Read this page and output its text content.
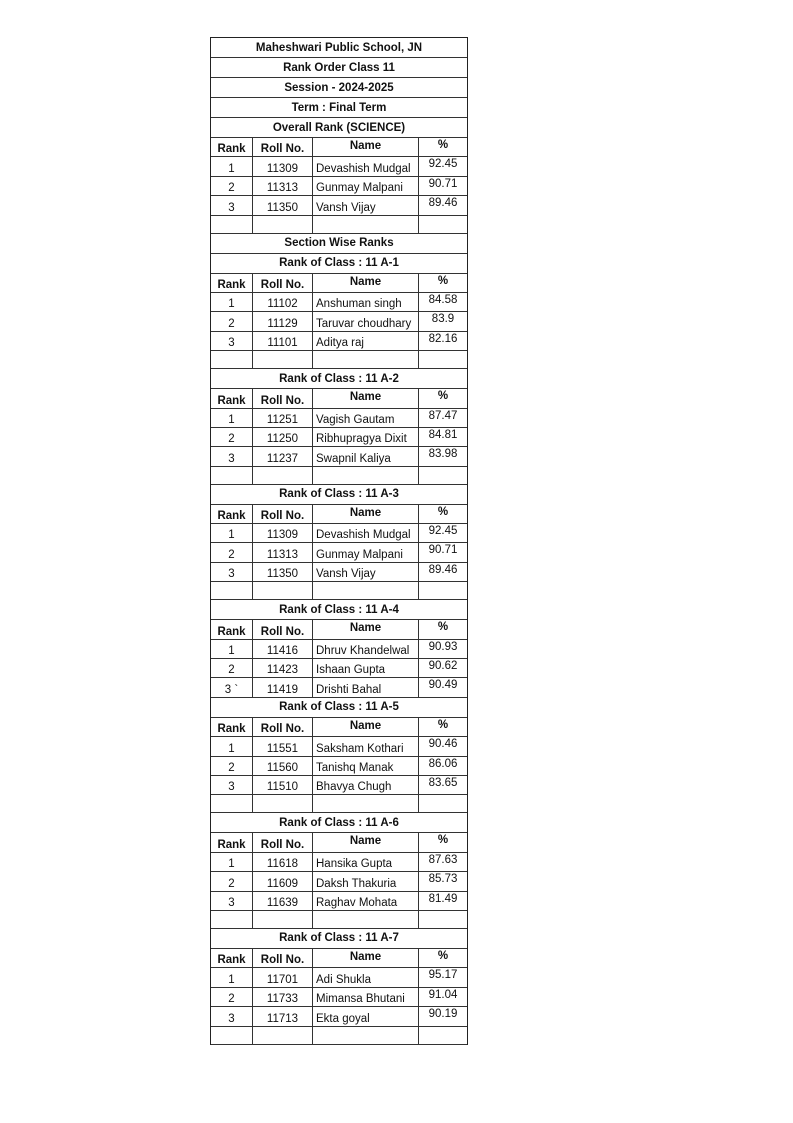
Maheshwari Public School, JN
Rank Order Class 11
Session - 2024-2025
Term : Final Term
Overall Rank (SCIENCE)
Rank	Roll No.	Name	%
1	11309	Devashish Mudgal	92.45
2	11313	Gunmay Malpani	90.71
3	11350	Vansh Vijay	89.46
Section Wise Ranks
Rank of Class : 11 A-1
Rank	Roll No.	Name	%
1	11102	Anshuman singh	84.58
2	11129	Taruvar choudhary	83.9
3	11101	Aditya raj	82.16
Rank of Class : 11 A-2
Rank	Roll No.	Name	%
1	11251	Vagish Gautam	87.47
2	11250	Ribhupragya Dixit	84.81
3	11237	Swapnil Kaliya	83.98
Rank of Class : 11 A-3
Rank	Roll No.	Name	%
1	11309	Devashish Mudgal	92.45
2	11313	Gunmay Malpani	90.71
3	11350	Vansh Vijay	89.46
Rank of Class : 11 A-4
Rank	Roll No.	Name	%
1	11416	Dhruv Khandelwal	90.93
2	11423	Ishaan Gupta	90.62
3 `	11419	Drishti Bahal	90.49
Rank of Class : 11 A-5
Rank	Roll No.	Name	%
1	11551	Saksham Kothari	90.46
2	11560	Tanishq Manak	86.06
3	11510	Bhavya Chugh	83.65
Rank of Class : 11 A-6
Rank	Roll No.	Name	%
1	11618	Hansika Gupta	87.63
2	11609	Daksh Thakuria	85.73
3	11639	Raghav Mohata	81.49
Rank of Class : 11 A-7
Rank	Roll No.	Name	%
1	11701	Adi Shukla	95.17
2	11733	Mimansa Bhutani	91.04
3	11713	Ekta goyal	90.19
